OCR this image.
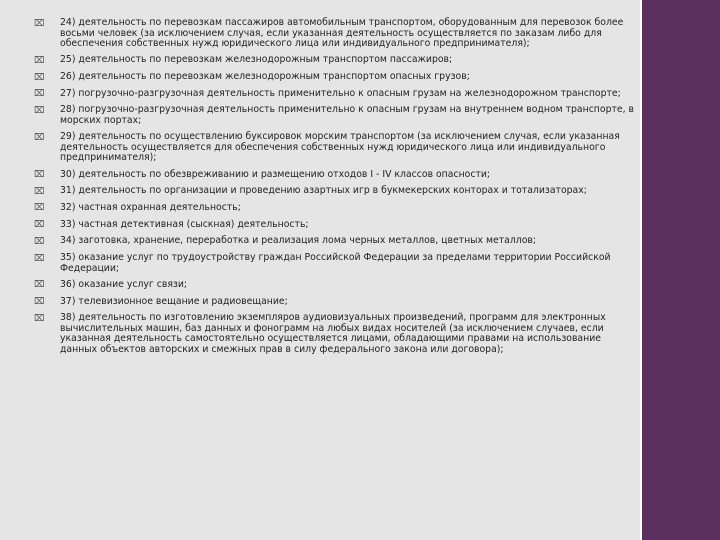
⌧	24) деятельность по перевозкам пассажиров автомобильным транспортом, оборудованным для перевозок более восьми человек (за исключением случая, если указанная деятельность осуществляется по заказам либо для обеспечения собственных нужд юридического лица или индивидуального предпринимателя);
⌧	25) деятельность по перевозкам железнодорожным транспортом пассажиров;
⌧	26) деятельность по перевозкам железнодорожным транспортом опасных грузов;
⌧	27) погрузочно-разгрузочная деятельность применительно к опасным грузам на железнодорожном транспорте;
⌧	28) погрузочно-разгрузочная деятельность применительно к опасным грузам на внутреннем водном транспорте, в морских портах;
⌧	29) деятельность по осуществлению буксировок морским транспортом (за исключением случая, если указанная деятельность осуществляется для обеспечения собственных нужд юридического лица или индивидуального предпринимателя);
⌧	30) деятельность по обезвреживанию и размещению отходов I - IV классов опасности;
⌧	31) деятельность по организации и проведению азартных игр в букмекерских конторах и тотализаторах;
⌧	32) частная охранная деятельность;
⌧	33) частная детективная (сыскная) деятельность;
⌧	34) заготовка, хранение, переработка и реализация лома черных металлов, цветных металлов;
⌧	35) оказание услуг по трудоустройству граждан Российской Федерации за пределами территории Российской Федерации;
⌧	36) оказание услуг связи;
⌧	37) телевизионное вещание и радиовещание;
⌧	38) деятельность по изготовлению экземпляров аудиовизуальных произведений, программ для электронных вычислительных машин, баз данных и фонограмм на любых видах носителей (за исключением случаев, если указанная деятельность самостоятельно осуществляется лицами, обладающими правами на использование данных объектов авторских и смежных прав в силу федерального закона или договора);
